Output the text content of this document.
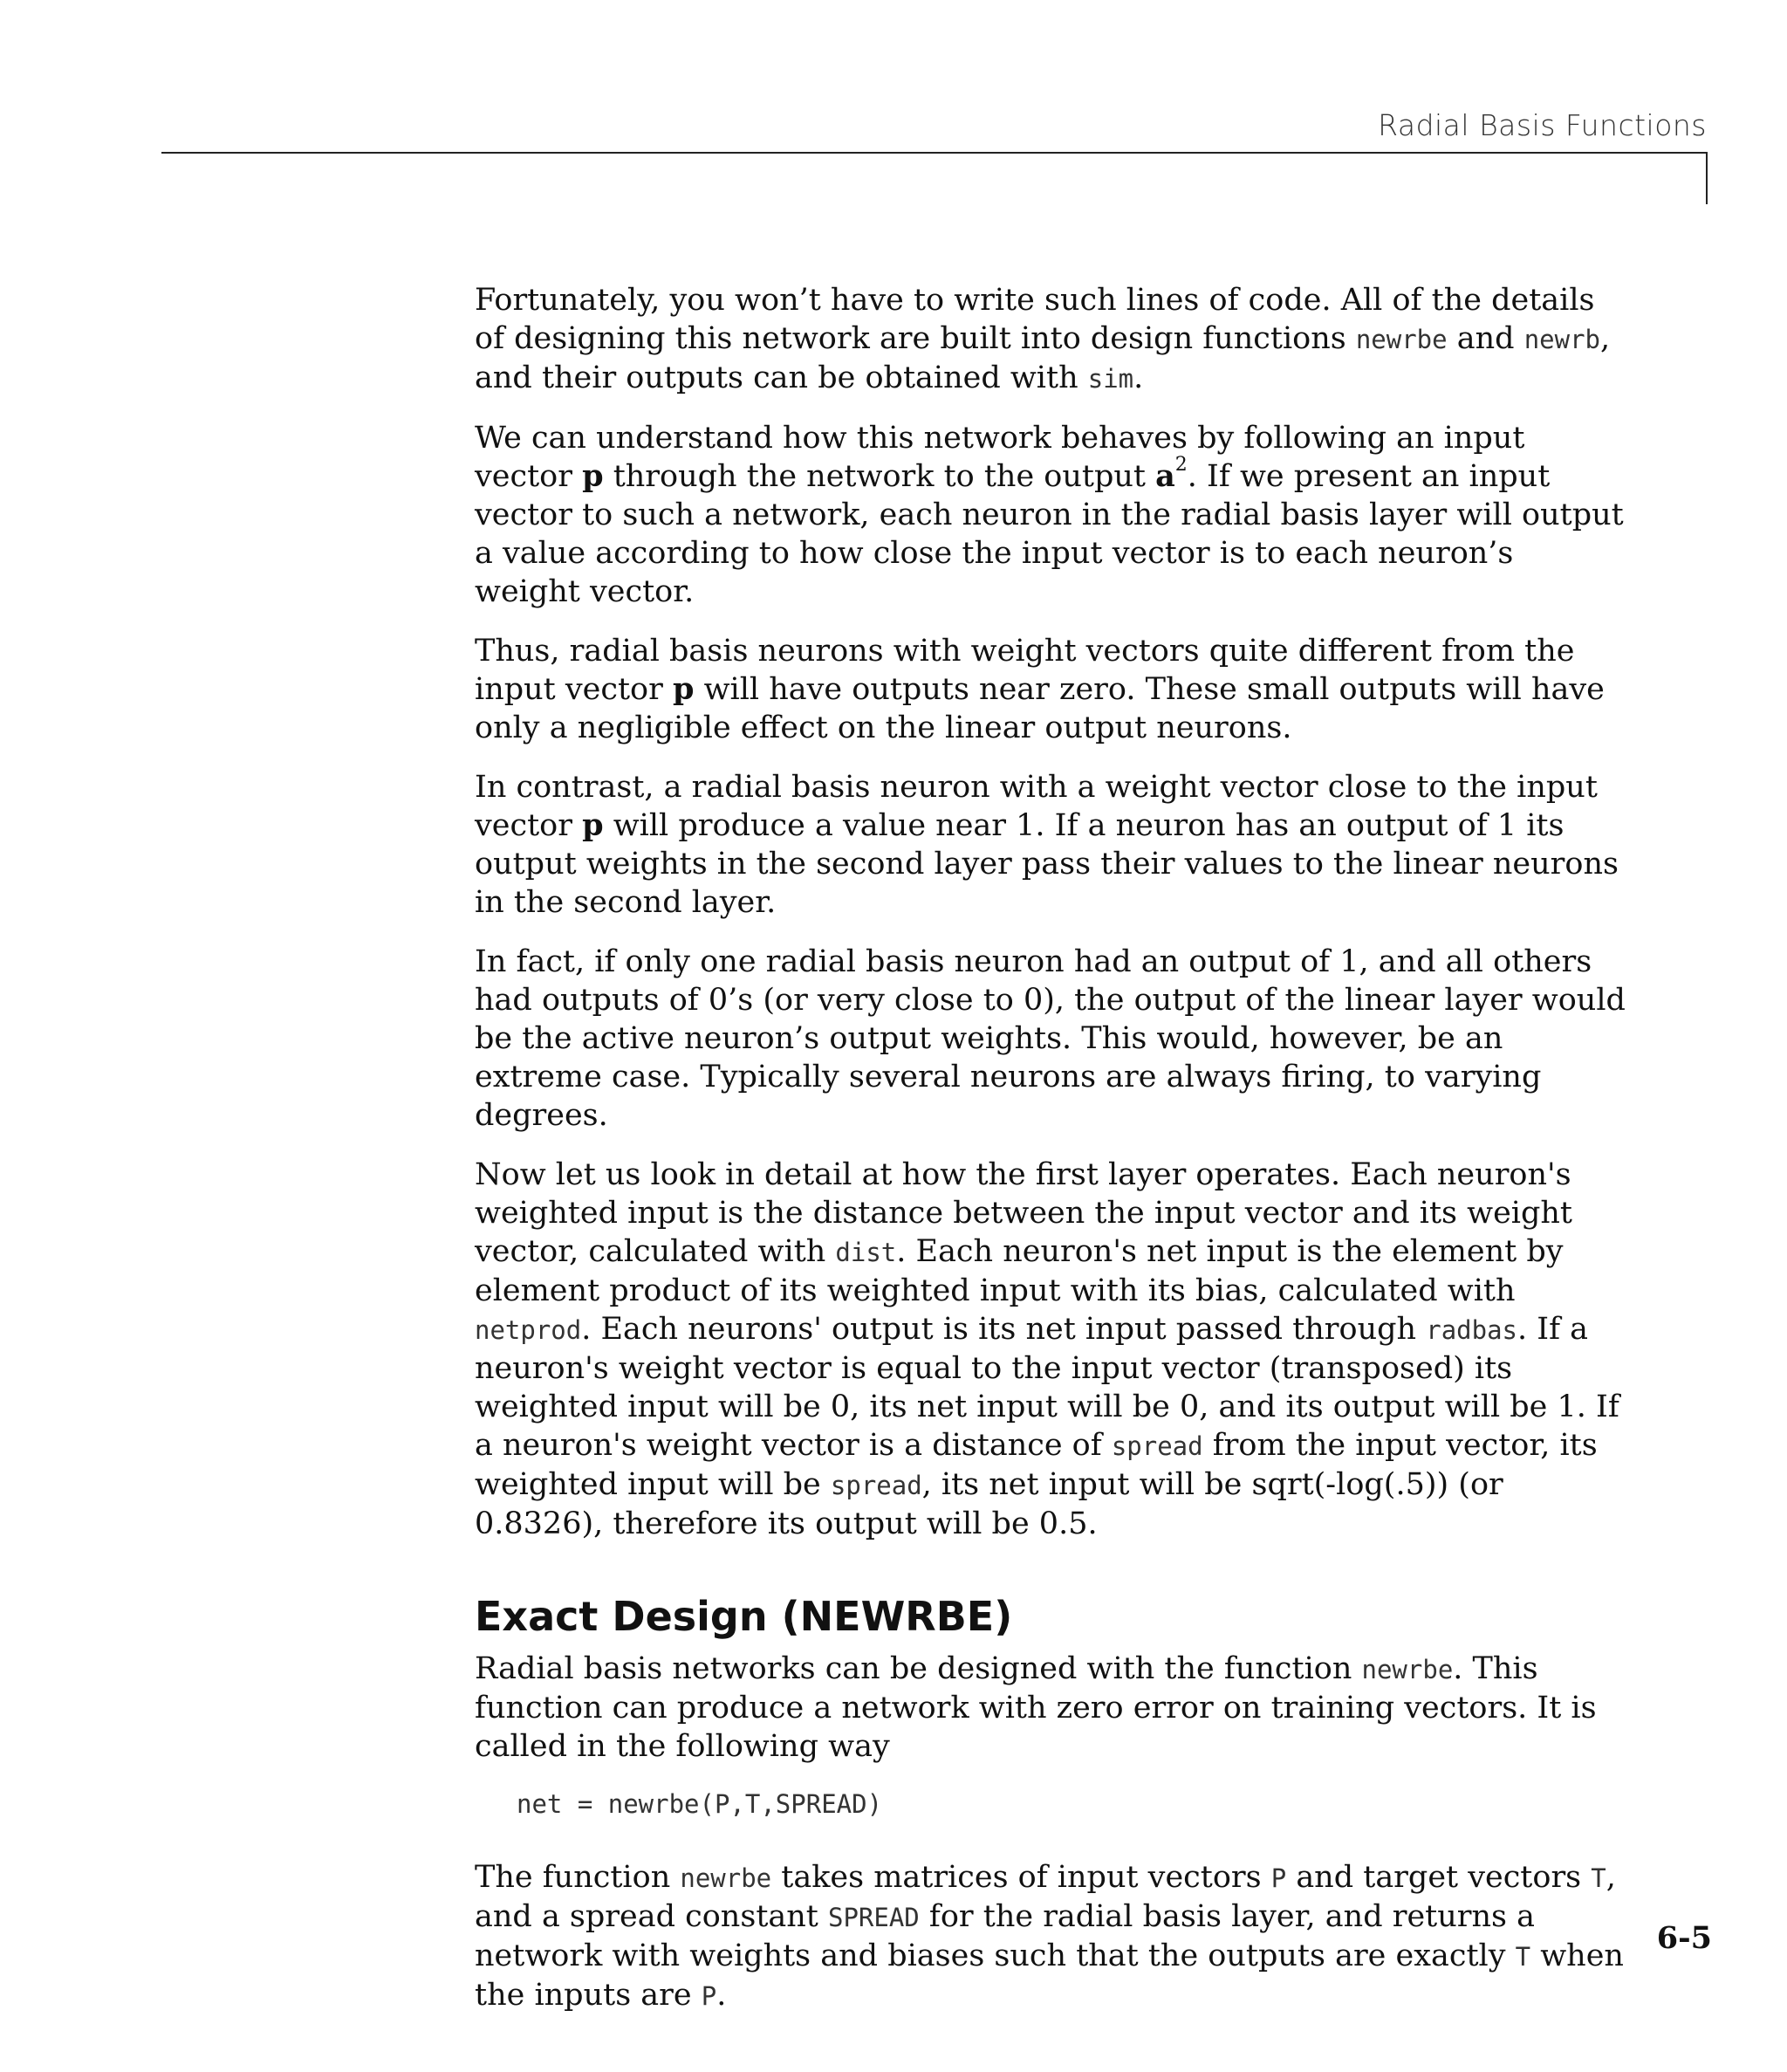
Radial Basis Functions

Fortunately, you won’t have to write such lines of code. All of the details of designing this network are built into design functions newrbe and newrb, and their outputs can be obtained with sim.

We can understand how this network behaves by following an input vector p through the network to the output $a^2$. If we present an input vector to such a network, each neuron in the radial basis layer will output a value according to how close the input vector is to each neuron’s weight vector.

Thus, radial basis neurons with weight vectors quite different from the input vector p will have outputs near zero. These small outputs will have only a negligible effect on the linear output neurons.

In contrast, a radial basis neuron with a weight vector close to the input vector p will produce a value near 1. If a neuron has an output of 1 its output weights in the second layer pass their values to the linear neurons in the second layer.

In fact, if only one radial basis neuron had an output of 1, and all others had outputs of 0’s (or very close to 0), the output of the linear layer would be the active neuron’s output weights. This would, however, be an extreme case. Typically several neurons are always firing, to varying degrees.

Now let us look in detail at how the first layer operates. Each neuron's weighted input is the distance between the input vector and its weight vector, calculated with dist. Each neuron's net input is the element by element product of its weighted input with its bias, calculated with netprod. Each neurons' output is its net input passed through radbas. If a neuron's weight vector is equal to the input vector (transposed) its weighted input will be 0, its net input will be 0, and its output will be 1. If a neuron's weight vector is a distance of spread from the input vector, its weighted input will be spread, its net input will be sqrt(-log(.5)) (or 0.8326), therefore its output will be 0.5.

Exact Design (NEWRBE)

Radial basis networks can be designed with the function newrbe. This function can produce a network with zero error on training vectors. It is called in the following way

net = newrbe(P,T,SPREAD)

The function newrbe takes matrices of input vectors P and target vectors T, and a spread constant SPREAD for the radial basis layer, and returns a network with weights and biases such that the outputs are exactly T when the inputs are P.

6-5
